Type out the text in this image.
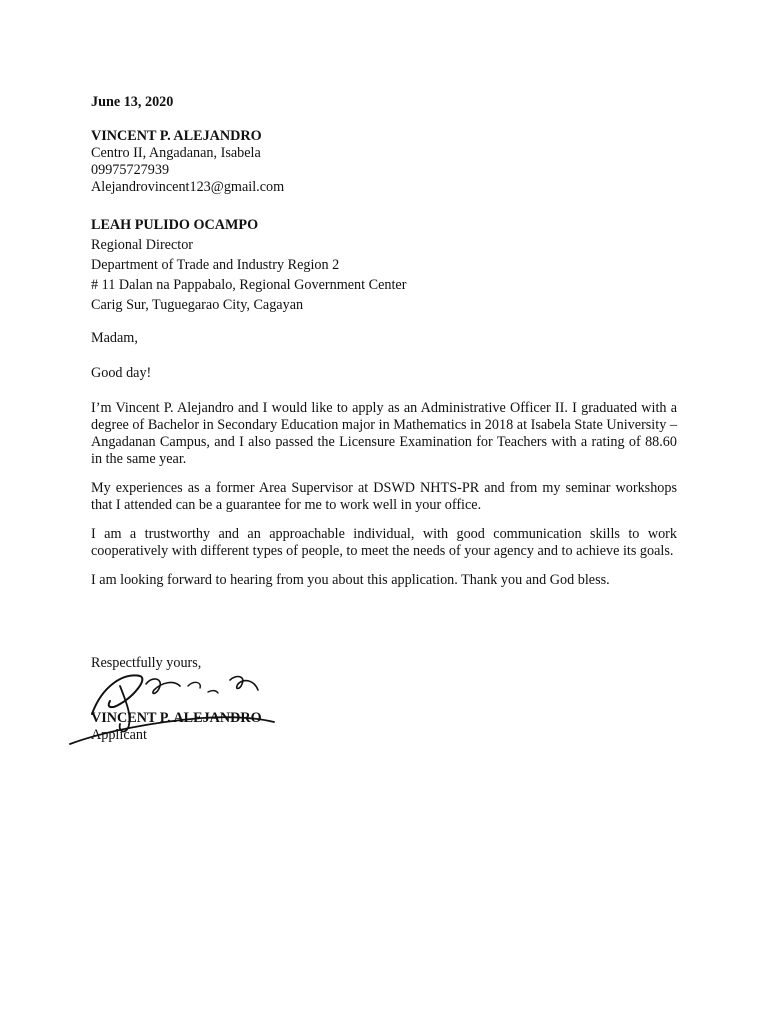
June 13, 2020
VINCENT P. ALEJANDRO
Centro II, Angadanan, Isabela
09975727939
Alejandrovincent123@gmail.com
LEAH PULIDO OCAMPO
Regional Director
Department of Trade and Industry Region 2
# 11 Dalan na Pappabalo, Regional Government Center
Carig Sur, Tuguegarao City, Cagayan
Madam,
Good day!

I’m Vincent P. Alejandro and I would like to apply as an Administrative Officer II. I graduated with a degree of Bachelor in Secondary Education major in Mathematics in 2018 at Isabela State University – Angadanan Campus, and I also passed the Licensure Examination for Teachers with a rating of 88.60 in the same year.

My experiences as a former Area Supervisor at DSWD NHTS-PR and from my seminar workshops that I attended can be a guarantee for me to work well in your office.

I am a trustworthy and an approachable individual, with good communication skills to work cooperatively with different types of people, to meet the needs of your agency and to achieve its goals.

I am looking forward to hearing from you about this application. Thank you and God bless.

Respectfully yours,
VINCENT P. ALEJANDRO
Applicant
